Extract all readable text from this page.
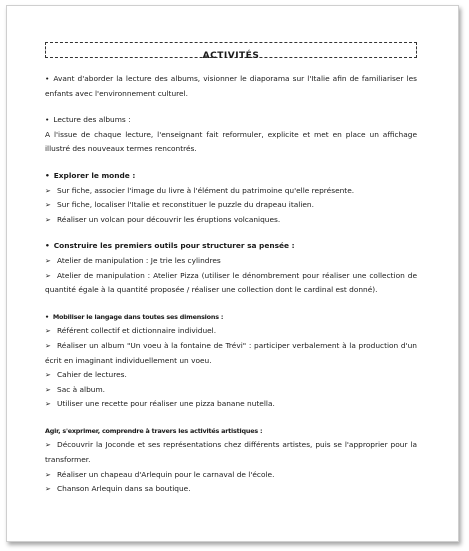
ACTIVITÉS

• Avant d'aborder la lecture des albums, visionner le diaporama sur l'Italie afin de familiariser les enfants avec l'environnement culturel.

• Lecture des albums :

A l'issue de chaque lecture, l'enseignant fait reformuler, explicite et met en place un affichage illustré des nouveaux termes rencontrés.

• Explorer le monde :

➢ Sur fiche, associer l'image du livre à l'élément du patrimoine qu'elle représente.

➢ Sur fiche, localiser l'Italie et reconstituer le puzzle du drapeau italien.

➢ Réaliser un volcan pour découvrir les éruptions volcaniques.

• Construire les premiers outils pour structurer sa pensée :

➢ Atelier de manipulation : Je trie les cylindres

➢ Atelier de manipulation : Atelier Pizza (utiliser le dénombrement pour réaliser une collection de quantité égale à la quantité proposée / réaliser une collection dont le cardinal est donné).

• Mobiliser le langage dans toutes ses dimensions :

➢ Référent collectif et dictionnaire individuel.

➢ Réaliser un album "Un voeu à la fontaine de Trévi" : participer verbalement à la production d'un écrit en imaginant individuellement un voeu.

➢ Cahier de lectures.

➢ Sac à album.

➢ Utiliser une recette pour réaliser une pizza banane nutella.

Agir, s'exprimer, comprendre à travers les activités artistiques :

➢ Découvrir la Joconde et ses représentations chez différents artistes, puis se l'approprier pour la transformer.

➢ Réaliser un chapeau d'Arlequin pour le carnaval de l'école.

➢ Chanson Arlequin dans sa boutique.
